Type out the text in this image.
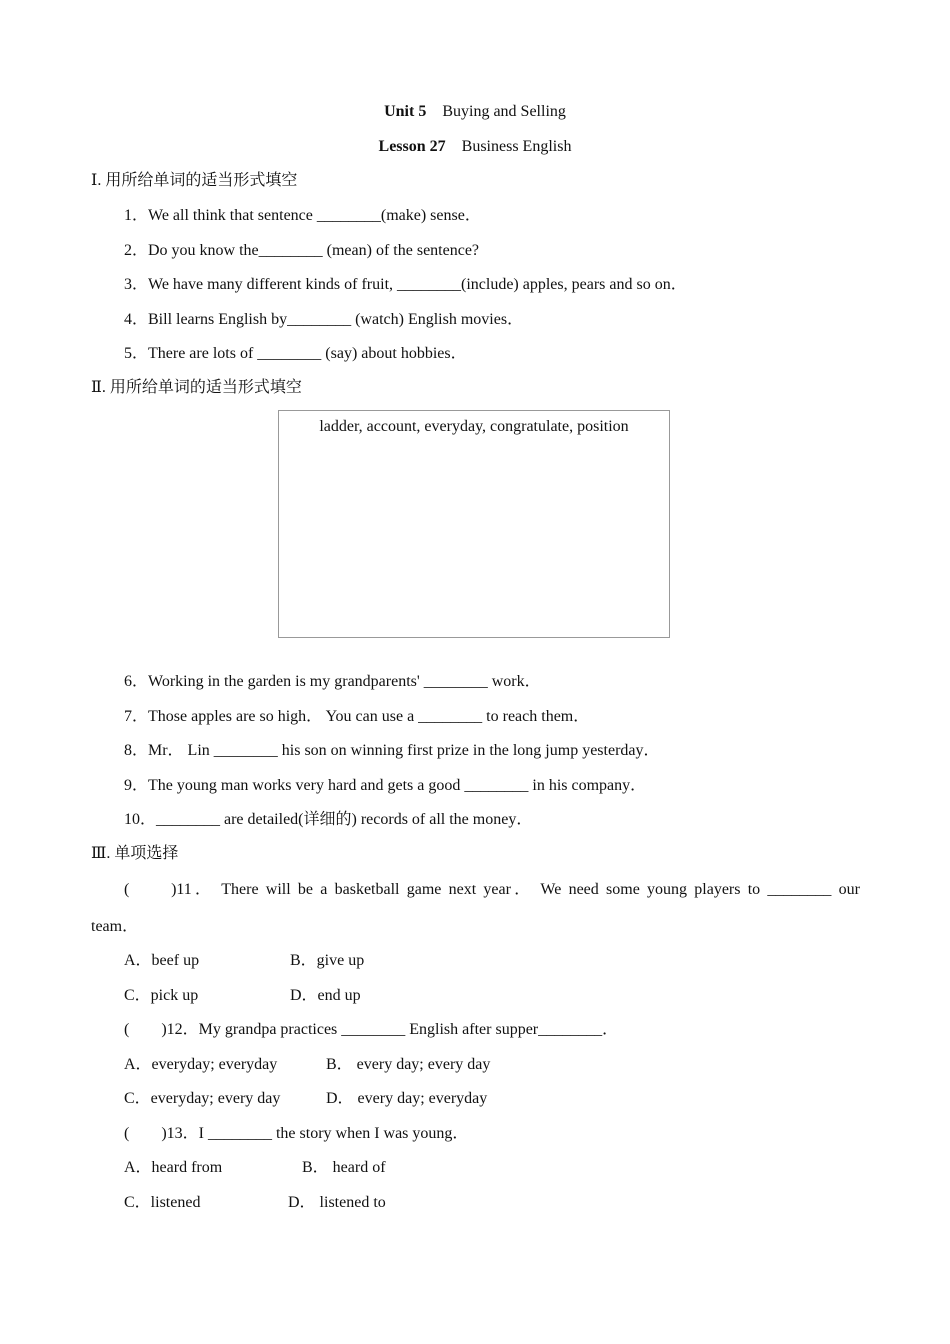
Unit 5 Buying and Selling
Lesson 27 Business English
Ⅰ. 用所给单词的适当形式填空
1．We all think that sentence ________(make) sense．
2．Do you know the________ (mean) of the sentence?
3．We have many different kinds of fruit, ________(include) apples, pears and so on．
4．Bill learns English by________ (watch) English movies．
5．There are lots of ________ (say) about hobbies．
Ⅱ. 用所给单词的适当形式填空
ladder, account, everyday, congratulate, position
6．Working in the garden is my grandparents' ________ work．
7．Those apples are so high． You can use a ________ to reach them．
8．Mr． Lin ________ his son on winning first prize in the long jump yesterday．
9．The young man works very hard and gets a good ________ in his company．
10．________ are detailed(详细的) records of all the money．
Ⅲ. 单项选择
(　　)11． There will be a basketball game next year． We need some young players to ________ our
team．
A．beef up	B．give up
C．pick up	D．end up
(　　)12．My grandpa practices ________ English after supper________．
A．everyday; everyday	B． every day; every day
C．everyday; every day	D． every day; everyday
(　　)13．I ________ the story when I was young．
A．heard from	B． heard of
C．listened	D． listened to
